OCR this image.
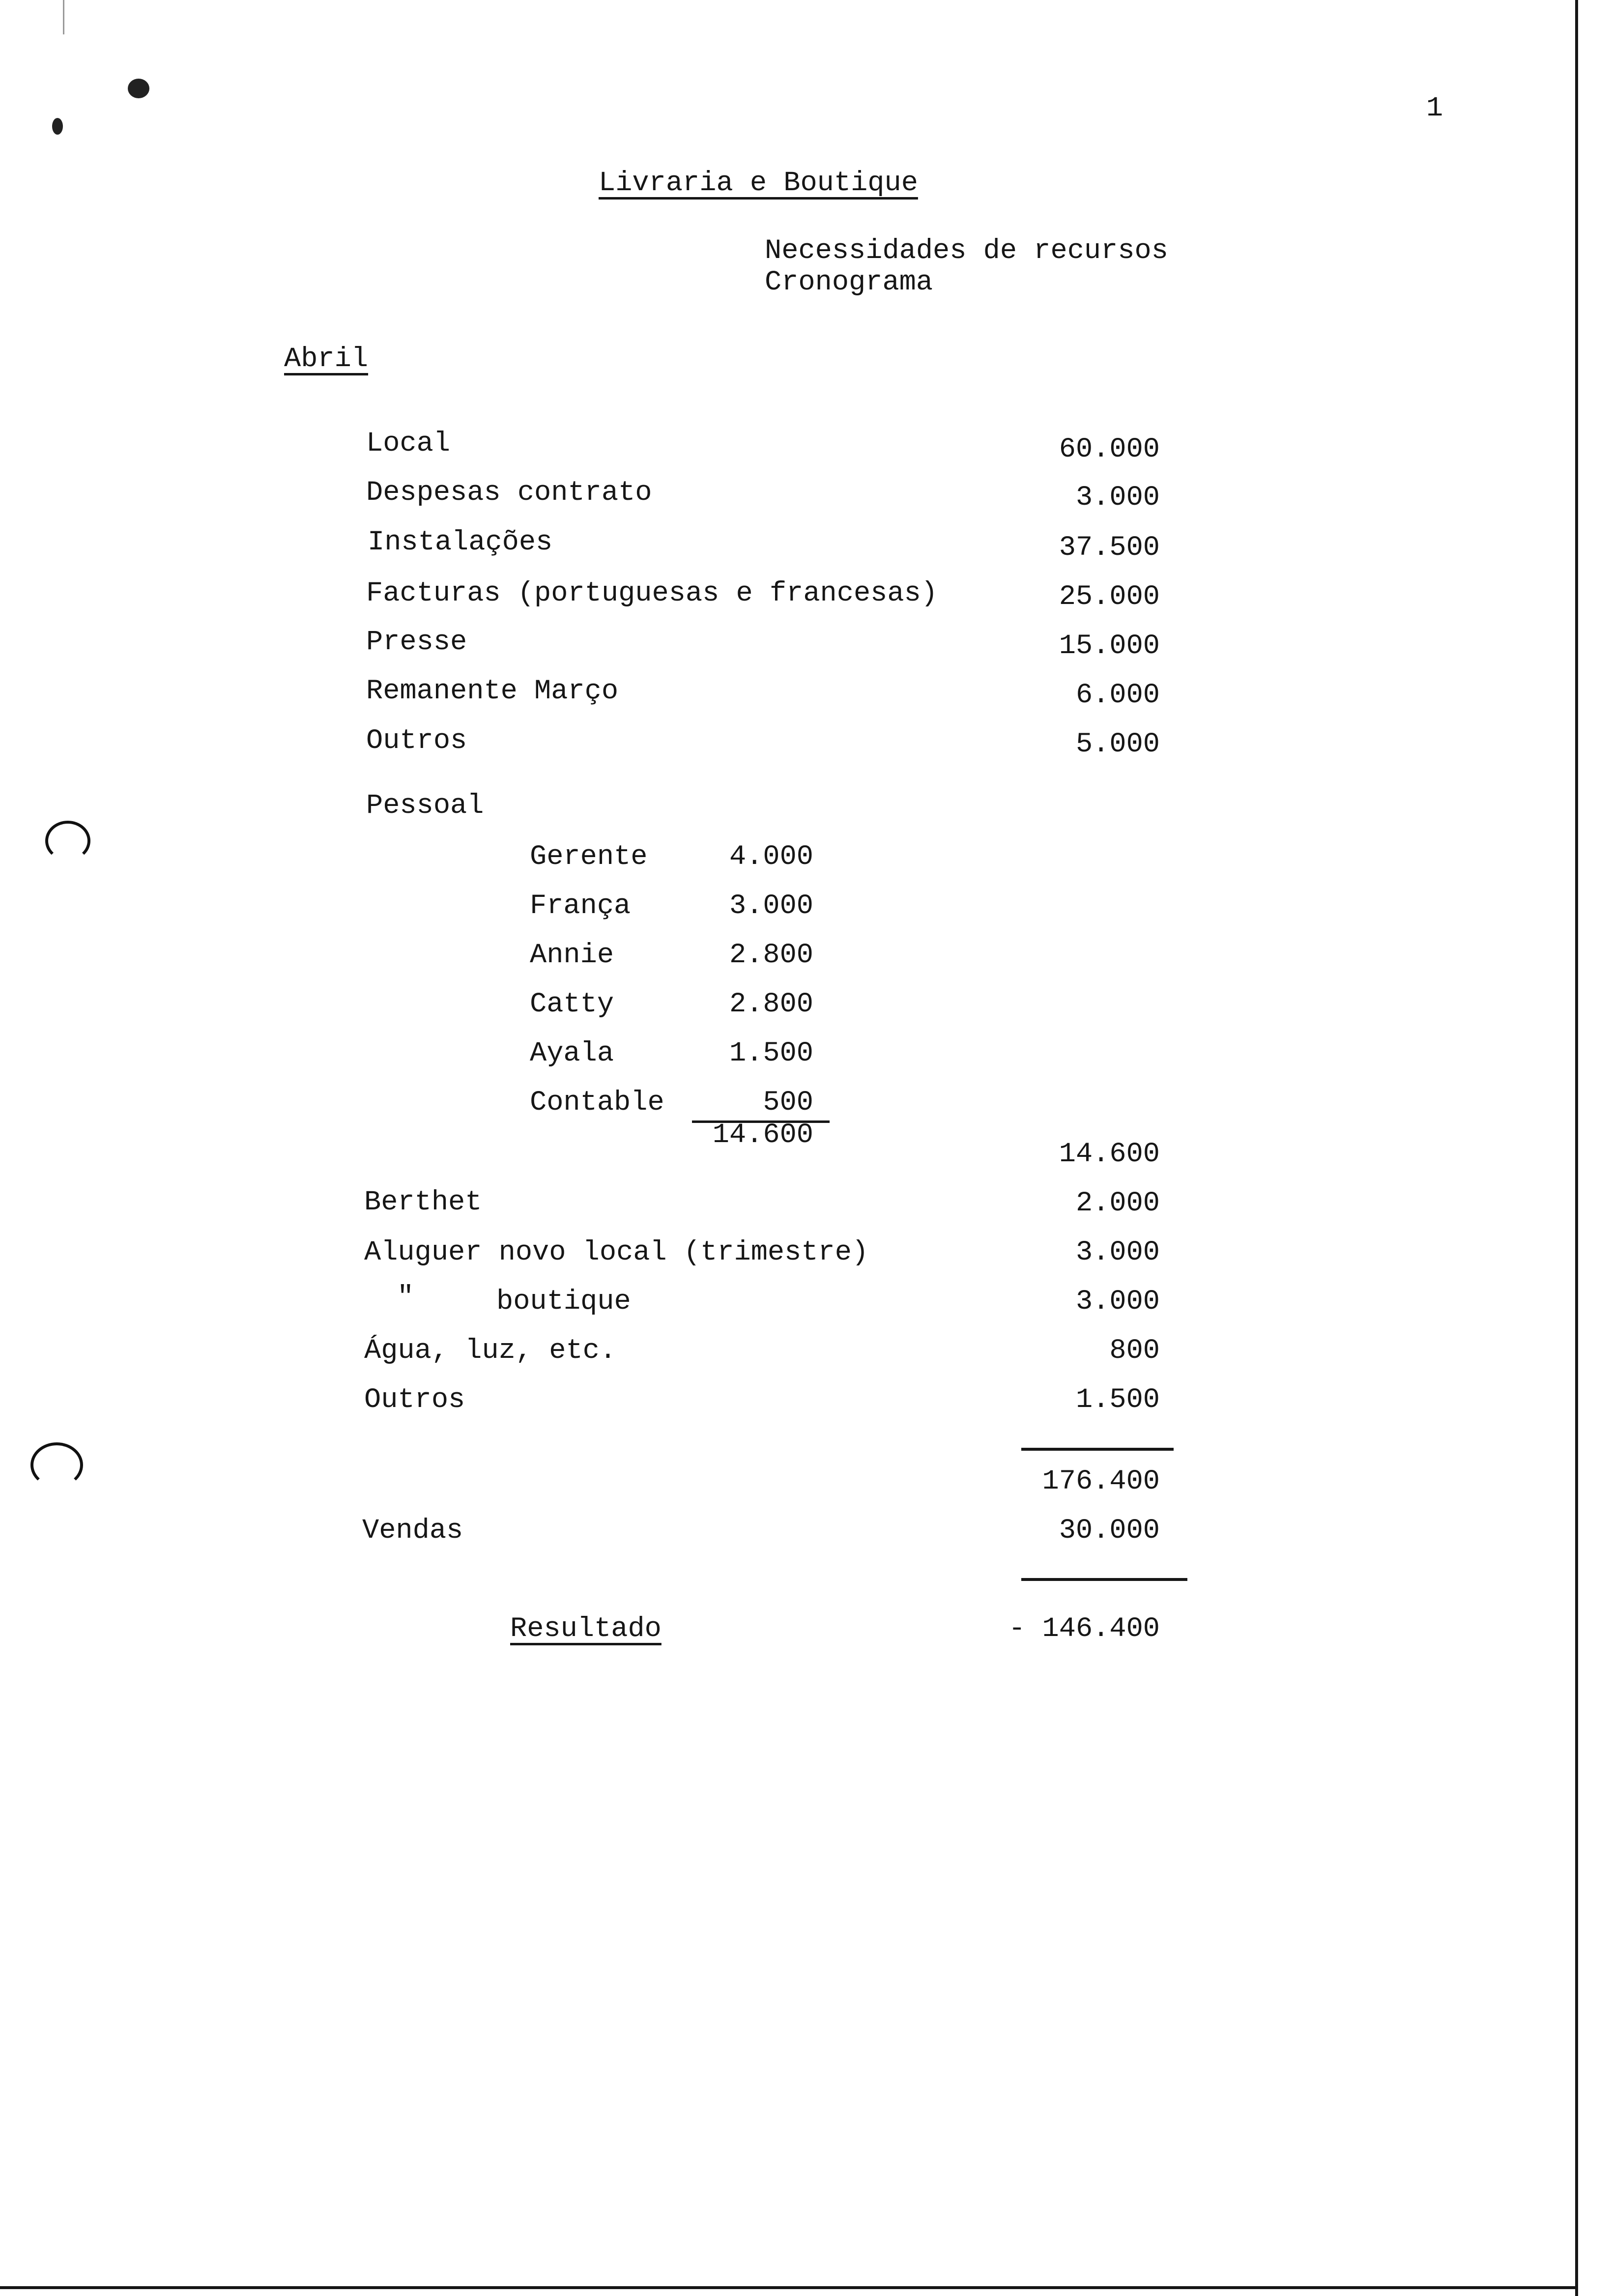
1
Livraria e Boutique
Necessidades de recursos
Cronograma
Abril
Local	60.000
Despesas contrato	3.000
Instalações	37.500
Facturas (portuguesas e francesas)	25.000
Presse	15.000
Remanente Março	6.000
Outros	5.000
Pessoal
Gerente	4.000
França	3.000
Annie	2.800
Catty	2.800
Ayala	1.500
Contable	500
14.600
14.600
Berthet	2.000
Aluguer novo local (trimestre)	3.000
"	boutique	3.000
Água, luz, etc.	800
Outros	1.500
176.400
Vendas	30.000
Resultado	- 146.400
